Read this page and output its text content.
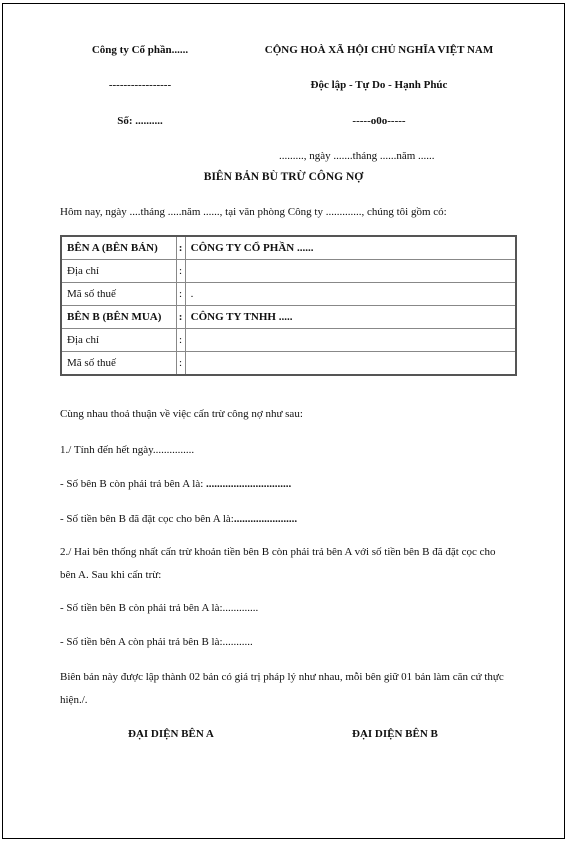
Công ty Cổ phần......
-----------------
Số: ..........
CỘNG HOÀ XÃ HỘI CHỦ NGHĨA VIỆT NAM
Độc lập - Tự Do - Hạnh Phúc
-----o0o-----
........., ngày .......tháng ......năm ......
BIÊN BẢN BÙ TRỪ CÔNG NỢ
Hôm nay, ngày ....tháng .....năm ......, tại văn phòng Công ty ............., chúng tôi gồm có:
BÊN A (BÊN BÁN)	:	CÔNG TY CỔ PHẦN ......
Địa chỉ	:	
Mã số thuế	:	.
BÊN B (BÊN MUA)	:	CÔNG TY TNHH .....
Địa chỉ	:	
Mã số thuế	:	
Cùng nhau thoả thuận về việc cấn trừ công nợ như sau:
1./ Tính đến hết ngày...............
- Số bên B còn phải trả bên A là: ...............................
- Số tiền bên B đã đặt cọc cho bên A là:.......................
2./ Hai bên thống nhất cấn trừ khoản tiền bên B còn phải trả bên A với số tiền bên B đã đặt cọc cho bên A. Sau khi cấn trừ:
- Số tiền bên B còn phải trả bên A là:.............
- Số tiền bên A còn phải trả bên B là:...........
Biên bản này được lập thành 02 bản có giá trị pháp lý như nhau, mỗi bên giữ 01 bản làm căn cứ thực hiện./.
ĐẠI DIỆN BÊN A	ĐẠI DIỆN BÊN B
